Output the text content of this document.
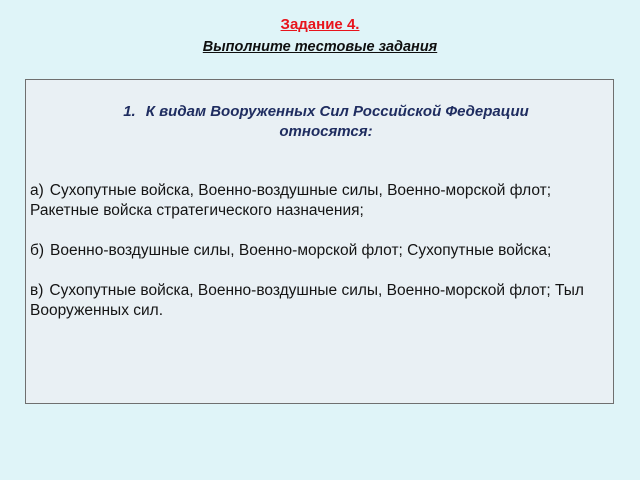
Задание 4.
Выполните тестовые задания
1. К видам Вооруженных Сил Российской Федерации относятся:
а) Сухопутные войска, Военно-воздушные силы, Военно-морской флот; Ракетные войска стратегического назначения;
б) Военно-воздушные силы, Военно-морской флот; Сухопутные войска;
в) Сухопутные войска, Военно-воздушные силы, Военно-морской флот; Тыл Вооруженных сил.
